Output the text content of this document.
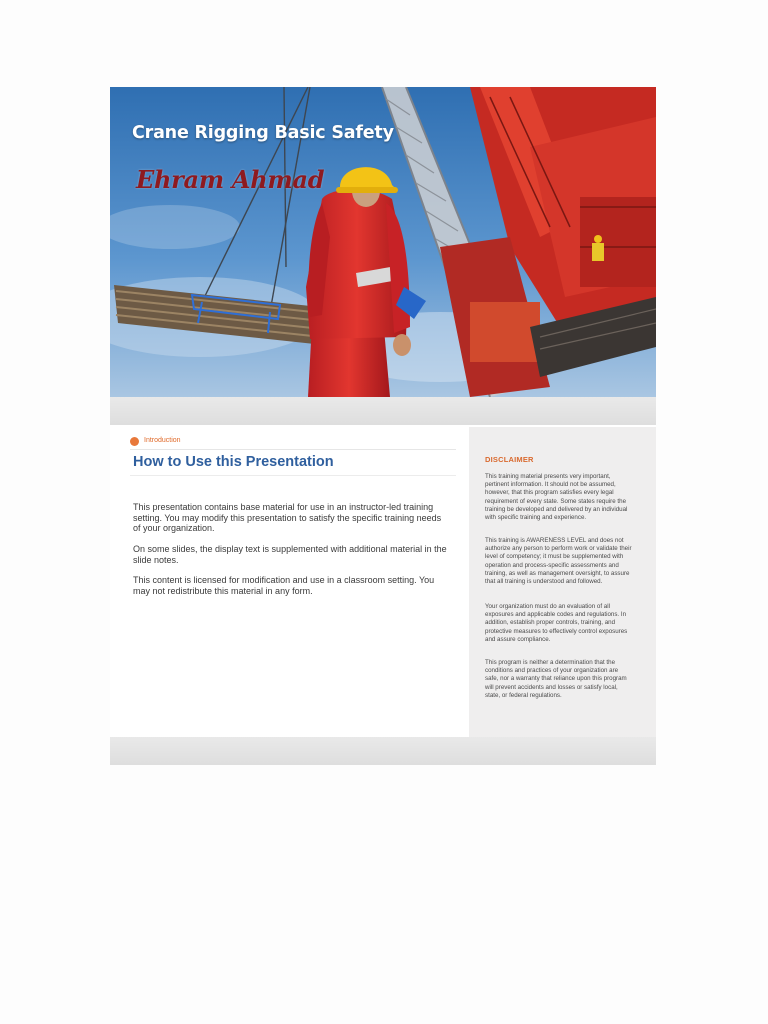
Crane Rigging Basic Safety
Ehram Ahmad
Introduction
How to Use this Presentation

This presentation contains base material for use in an instructor-led training setting. You may modify this presentation to satisfy the specific training needs of your organization.

On some slides, the display text is supplemented with additional material in the slide notes.

This content is licensed for modification and use in a classroom setting. You may not redistribute this material in any form.

DISCLAIMER

This training material presents very important, pertinent information. It should not be assumed, however, that this program satisfies every legal requirement of every state. Some states require the training be developed and delivered by an individual with specific training and experience.

This training is AWARENESS LEVEL and does not authorize any person to perform work or validate their level of competency; it must be supplemented with operation and process-specific assessments and training, as well as management oversight, to assure that all training is understood and followed.

Your organization must do an evaluation of all exposures and applicable codes and regulations. In addition, establish proper controls, training, and protective measures to effectively control exposures and assure compliance.

This program is neither a determination that the conditions and practices of your organization are safe, nor a warranty that reliance upon this program will prevent accidents and losses or satisfy local, state, or federal regulations.
